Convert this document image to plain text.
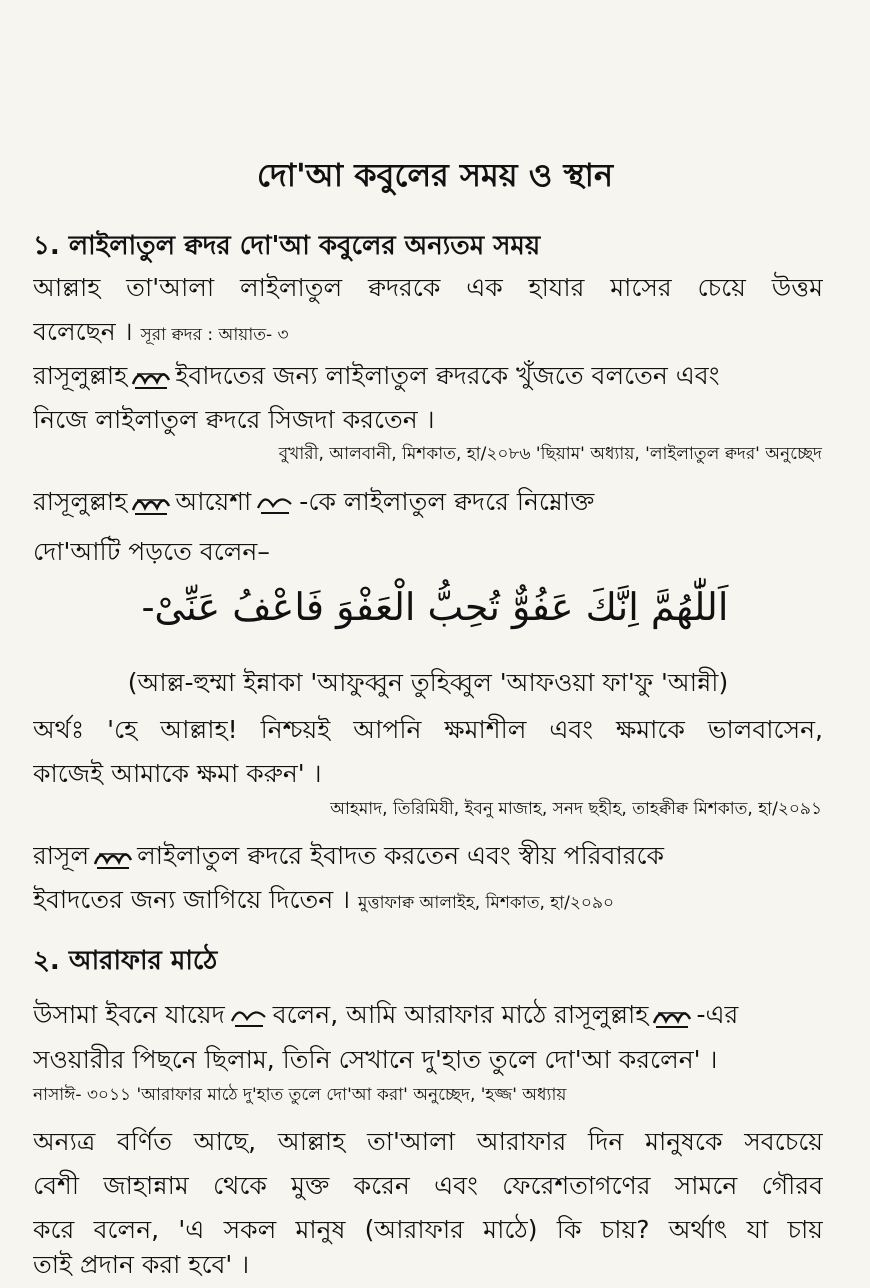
দো'আ কবুলের সময় ও স্থান
১. লাইলাতুল ক্বদর দো'আ কবুলের অন্যতম সময়
আল্লাহ তা'আলা লাইলাতুল ক্বদরকে এক হাযার মাসের চেয়ে উত্তম
বলেছেন । সূরা ক্বদর : আয়াত- ৩
রাসূলুল্লাহ ইবাদতের জন্য লাইলাতুল ক্বদরকে খুঁজতে বলতেন এবং
নিজে লাইলাতুল ক্বদরে সিজদা করতেন ।
বুখারী, আলবানী, মিশকাত, হা/২০৮৬ 'ছিয়াম' অধ্যায়, 'লাইলাতুল ক্বদর' অনুচ্ছেদ
রাসূলুল্লাহ আয়েশা -কে লাইলাতুল ক্বদরে নিম্নোক্ত
দো'আটি পড়তে বলেন–
اَللّٰهُمَّ اِنَّكَ عَفُوٌّ تُحِبُّ الْعَفْوَ فَاعْفُ عَنِّىْ-
(আল্ল-হুম্মা ইন্নাকা 'আফুব্বুন তুহিব্বুল 'আফওয়া ফা'ফু 'আন্নী)
অর্থঃ 'হে আল্লাহ! নিশ্চয়ই আপনি ক্ষমাশীল এবং ক্ষমাকে ভালবাসেন,
কাজেই আমাকে ক্ষমা করুন' ।
আহমাদ, তিরিমিযী, ইবনু মাজাহ, সনদ ছহীহ, তাহক্বীক্ব মিশকাত, হা/২০৯১
রাসূল লাইলাতুল ক্বদরে ইবাদত করতেন এবং স্বীয় পরিবারকে
ইবাদতের জন্য জাগিয়ে দিতেন । মুত্তাফাক্ব আলাইহ, মিশকাত, হা/২০৯০
২. আরাফার মাঠে
উসামা ইবনে যায়েদ বলেন, আমি আরাফার মাঠে রাসূলুল্লাহ -এর
সওয়ারীর পিছনে ছিলাম, তিনি সেখানে দু'হাত তুলে দো'আ করলেন' ।
নাসাঈ- ৩০১১ 'আরাফার মাঠে দু'হাত তুলে দো'আ করা' অনুচ্ছেদ, 'হজ্জ' অধ্যায়
অন্যত্র বর্ণিত আছে, আল্লাহ তা'আলা আরাফার দিন মানুষকে সবচেয়ে
বেশী জাহান্নাম থেকে মুক্ত করেন এবং ফেরেশতাগণের সামনে গৌরব
করে বলেন, 'এ সকল মানুষ (আরাফার মাঠে) কি চায়? অর্থাৎ যা চায়
তাই প্রদান করা হবে' ।
